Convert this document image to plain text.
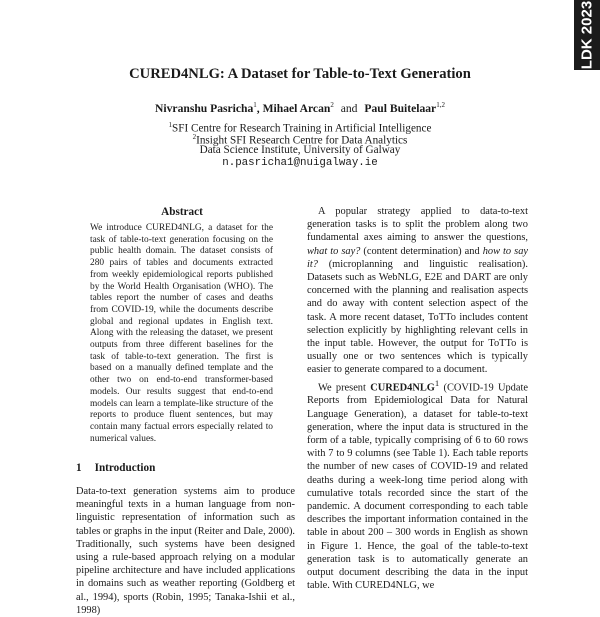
LDK 2023
CURED4NLG: A Dataset for Table-to-Text Generation
Nivranshu Pasricha$^1$, Mihael Arcan$^2$ and Paul Buitelaar$^{1,2}$
$^1$SFI Centre for Research Training in Artificial Intelligence
$^2$Insight SFI Research Centre for Data Analytics
Data Science Institute, University of Galway
n.pasricha1@nuigalway.ie
Abstract
We introduce CURED4NLG, a dataset for the task of table-to-text generation focusing on the public health domain. The dataset consists of 280 pairs of tables and documents extracted from weekly epidemiological reports published by the World Health Organisation (WHO). The tables report the number of cases and deaths from COVID-19, while the documents describe global and regional updates in English text. Along with the releasing the dataset, we present outputs from three different baselines for the task of table-to-text generation. The first is based on a manually defined template and the other two on end-to-end transformer-based models. Our results suggest that end-to-end models can learn a template-like structure of the reports to produce fluent sentences, but may contain many factual errors especially related to numerical values.
1 Introduction

Data-to-text generation systems aim to produce meaningful texts in a human language from non-linguistic representation of information such as tables or graphs in the input (Reiter and Dale, 2000). Traditionally, such systems have been designed using a rule-based approach relying on a modular pipeline architecture and have included applications in domains such as weather reporting (Goldberg et al., 1994), sports (Robin, 1995; Tanaka-Ishii et al., 1998)

A popular strategy applied to data-to-text generation tasks is to split the problem along two fundamental axes aiming to answer the questions, what to say? (content determination) and how to say it? (microplanning and linguistic realisation). Datasets such as WebNLG, E2E and DART are only concerned with the planning and realisation aspects and do away with content selection aspect of the task. A more recent dataset, ToTTo includes content selection explicitly by highlighting relevant cells in the input table. However, the output for ToTTo is usually one or two sentences which is typically easier to generate compared to a document.

We present CURED4NLG$^1$ (COVID-19 Update Reports from Epidemiological Data for Natural Language Generation), a dataset for table-to-text generation, where the input data is structured in the form of a table, typically comprising of 6 to 60 rows with 7 to 9 columns (see Table 1). Each table reports the number of new cases of COVID-19 and related deaths during a week-long time period along with cumulative totals recorded since the start of the pandemic. A document corresponding to each table describes the important information contained in the table in about 200 – 300 words in English as shown in Figure 1. Hence, the goal of the table-to-text generation task is to automatically generate an output document describing the data in the input table. With CURED4NLG, we
